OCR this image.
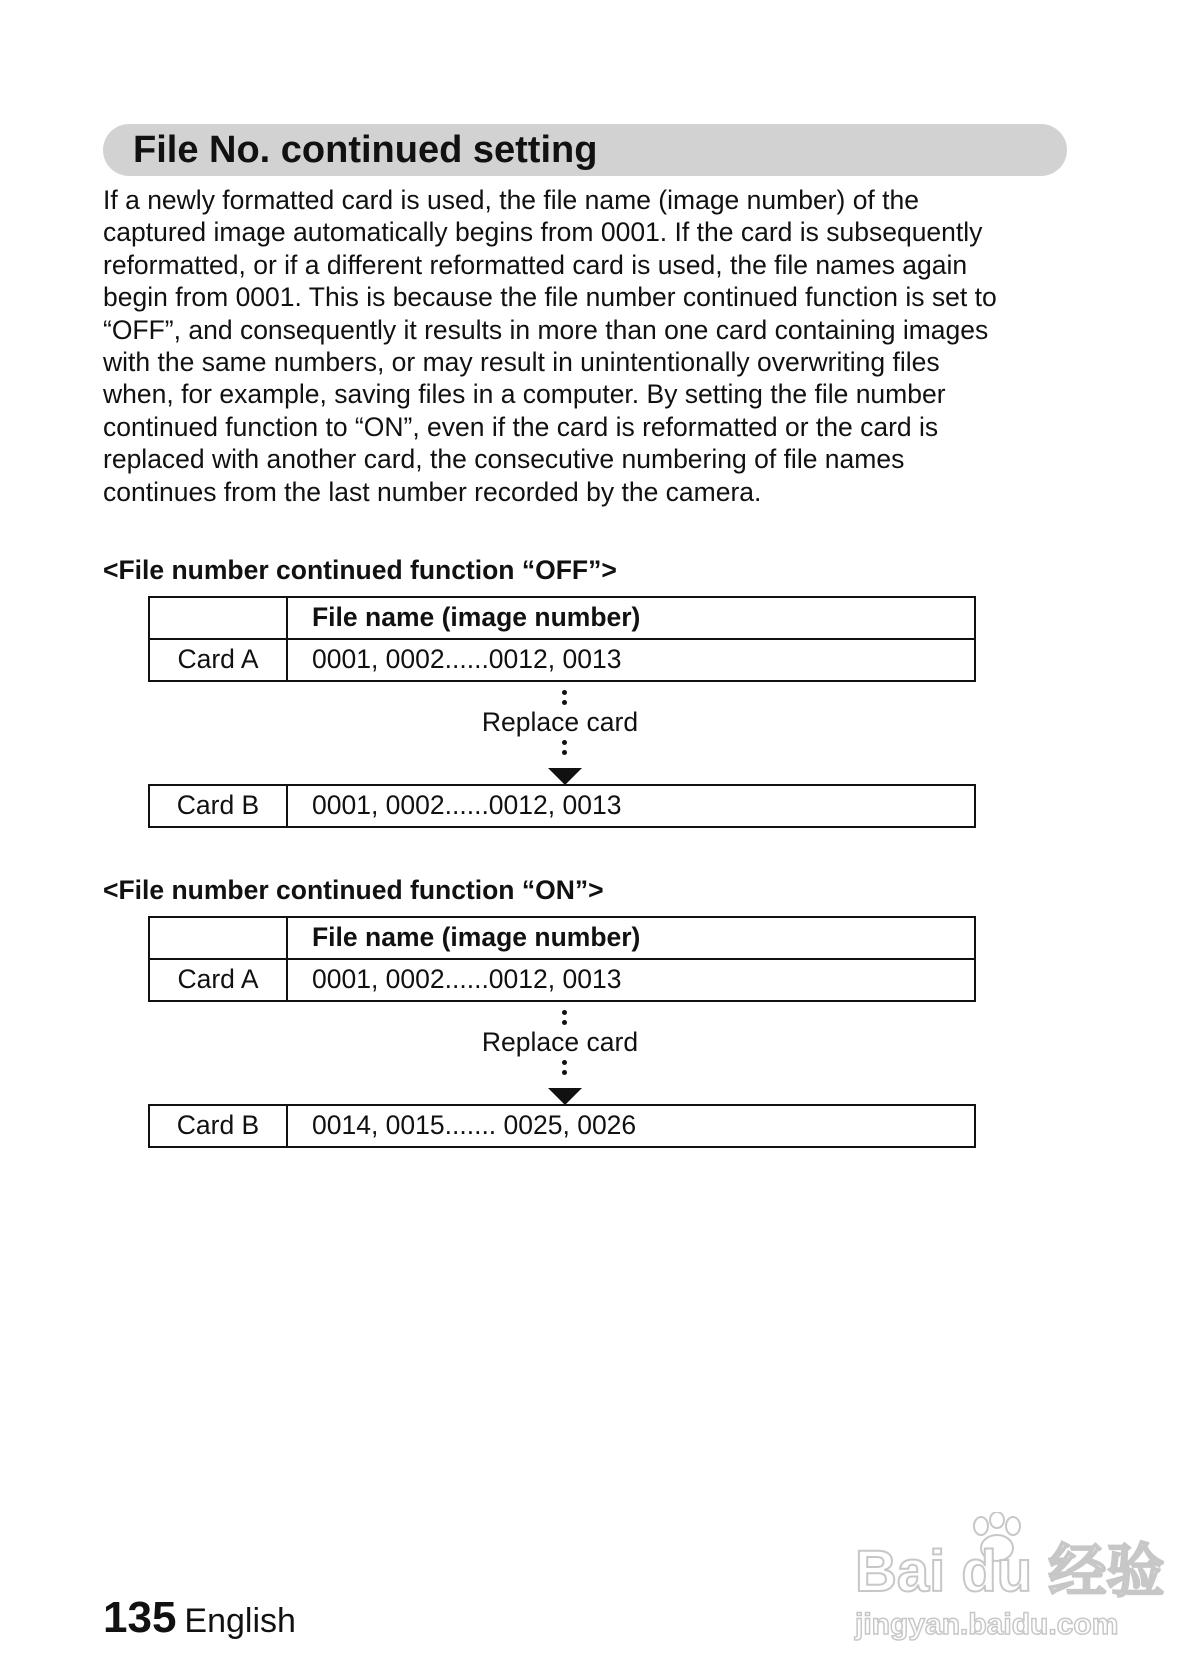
File No. continued setting

If a newly formatted card is used, the file name (image number) of the

captured image automatically begins from 0001. If the card is subsequently

reformatted, or if a different reformatted card is used, the file names again

begin from 0001. This is because the file number continued function is set to

“OFF”, and consequently it results in more than one card containing images

with the same numbers, or may result in unintentionally overwriting files

when, for example, saving files in a computer. By setting the file number

continued function to “ON”, even if the card is reformatted or the card is

replaced with another card, the consecutive numbering of file names

continues from the last number recorded by the camera.

<File number continued function “OFF”>
File name (image number)
Card A	0001, 0002......0012, 0013
Replace card
Card B	0001, 0002......0012, 0013
<File number continued function “ON”>
File name (image number)
Card A	0001, 0002......0012, 0013
Replace card
Card B	0014, 0015....... 0025, 0026
135 English
Bai du 经验
jingyan.baidu.com
